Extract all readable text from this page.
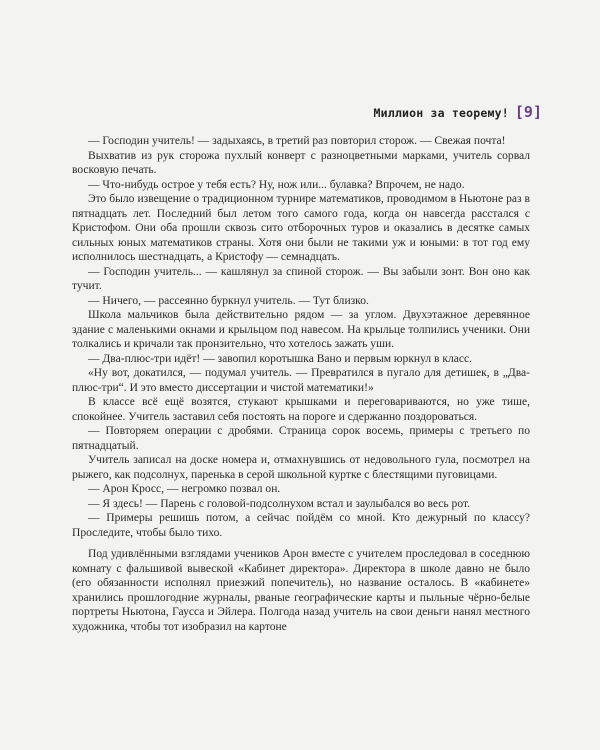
Миллион за теорему! [9]

— Господин учитель! — задыхаясь, в третий раз повторил сторож. — Свежая почта!

Выхватив из рук сторожа пухлый конверт с разноцветными марками, учитель сорвал восковую печать.

— Что-нибудь острое у тебя есть? Ну, нож или... булавка? Впрочем, не надо.

Это было извещение о традиционном турнире математиков, проводимом в Ньютоне раз в пятнадцать лет. Последний был летом того самого года, когда он навсегда расстался с Кристофом. Они оба прошли сквозь сито отборочных туров и оказались в десятке самых сильных юных математиков страны. Хотя они были не такими уж и юными: в тот год ему исполнилось шестнадцать, а Кристофу — семнадцать.

— Господин учитель... — кашлянул за спиной сторож. — Вы забыли зонт. Вон оно как тучит.

— Ничего, — рассеянно буркнул учитель. — Тут близко.

Школа мальчиков была действительно рядом — за углом. Двухэтажное деревянное здание с маленькими окнами и крыльцом под навесом. На крыльце толпились ученики. Они толкались и кричали так пронзительно, что хотелось зажать уши.

— Два-плюс-три идёт! — завопил коротышка Вано и первым юркнул в класс.

«Ну вот, докатился, — подумал учитель. — Превратился в пугало для детишек, в „Два-плюс-три“. И это вместо диссертации и чистой математики!»

В классе всё ещё возятся, стукают крышками и переговариваются, но уже тише, спокойнее. Учитель заставил себя постоять на пороге и сдержанно поздороваться.

— Повторяем операции с дробями. Страница сорок восемь, примеры с третьего по пятнадцатый.

Учитель записал на доске номера и, отмахнувшись от недовольного гула, посмотрел на рыжего, как подсолнух, паренька в серой школьной куртке с блестящими пуговицами.

— Арон Кросс, — негромко позвал он.

— Я здесь! — Парень с головой-подсолнухом встал и заулыбался во весь рот.

— Примеры решишь потом, а сейчас пойдём со мной. Кто дежурный по классу? Проследите, чтобы было тихо.

Под удивлёнными взглядами учеников Арон вместе с учителем проследовал в соседнюю комнату с фальшивой вывеской «Кабинет директора». Директора в школе давно не было (его обязанности исполнял приезжий попечитель), но название осталось. В «кабинете» хранились прошлогодние журналы, рваные географические карты и пыльные чёрно-белые портреты Ньютона, Гаусса и Эйлера. Полгода назад учитель на свои деньги нанял местного художника, чтобы тот изобразил на картоне
